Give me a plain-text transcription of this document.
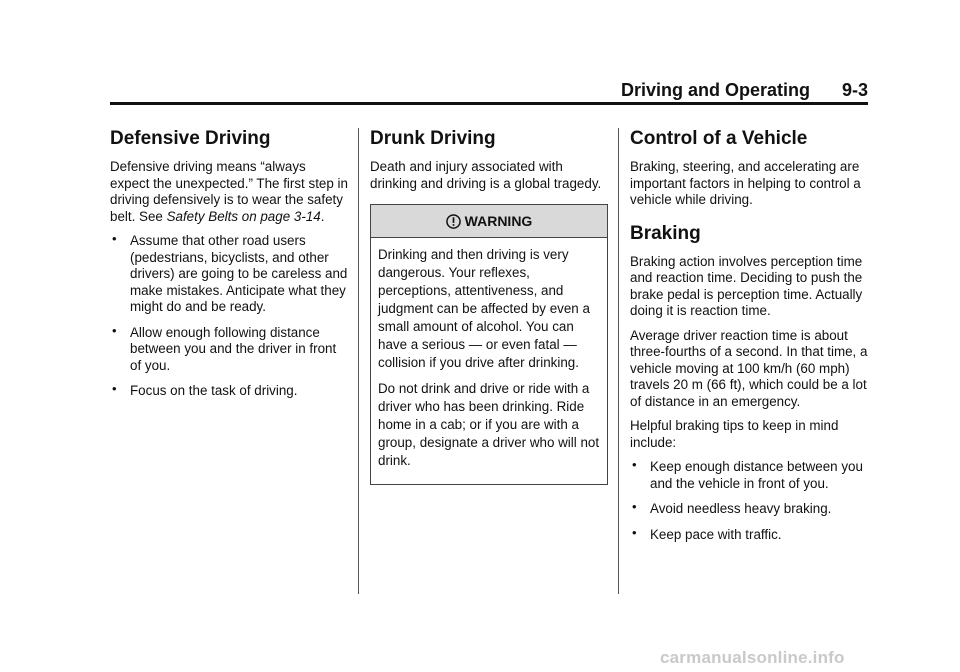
Driving and Operating 9-3
Defensive Driving

Defensive driving means “always expect the unexpected.” The first step in driving defensively is to wear the safety belt. See Safety Belts on page 3-14.

• Assume that other road users (pedestrians, bicyclists, and other drivers) are going to be careless and make mistakes. Anticipate what they might do and be ready.
• Allow enough following distance between you and the driver in front of you.
• Focus on the task of driving.
Drunk Driving

Death and injury associated with drinking and driving is a global tragedy.

WARNING

Drinking and then driving is very dangerous. Your reflexes, perceptions, attentiveness, and judgment can be affected by even a small amount of alcohol. You can have a serious — or even fatal — collision if you drive after drinking.

Do not drink and drive or ride with a driver who has been drinking. Ride home in a cab; or if you are with a group, designate a driver who will not drink.

Control of a Vehicle

Braking, steering, and accelerating are important factors in helping to control a vehicle while driving.

Braking

Braking action involves perception time and reaction time. Deciding to push the brake pedal is perception time. Actually doing it is reaction time.

Average driver reaction time is about three-fourths of a second. In that time, a vehicle moving at 100 km/h (60 mph) travels 20 m (66 ft), which could be a lot of distance in an emergency.

Helpful braking tips to keep in mind include:

• Keep enough distance between you and the vehicle in front of you.
• Avoid needless heavy braking.
• Keep pace with traffic.
carmanualsonline.info
